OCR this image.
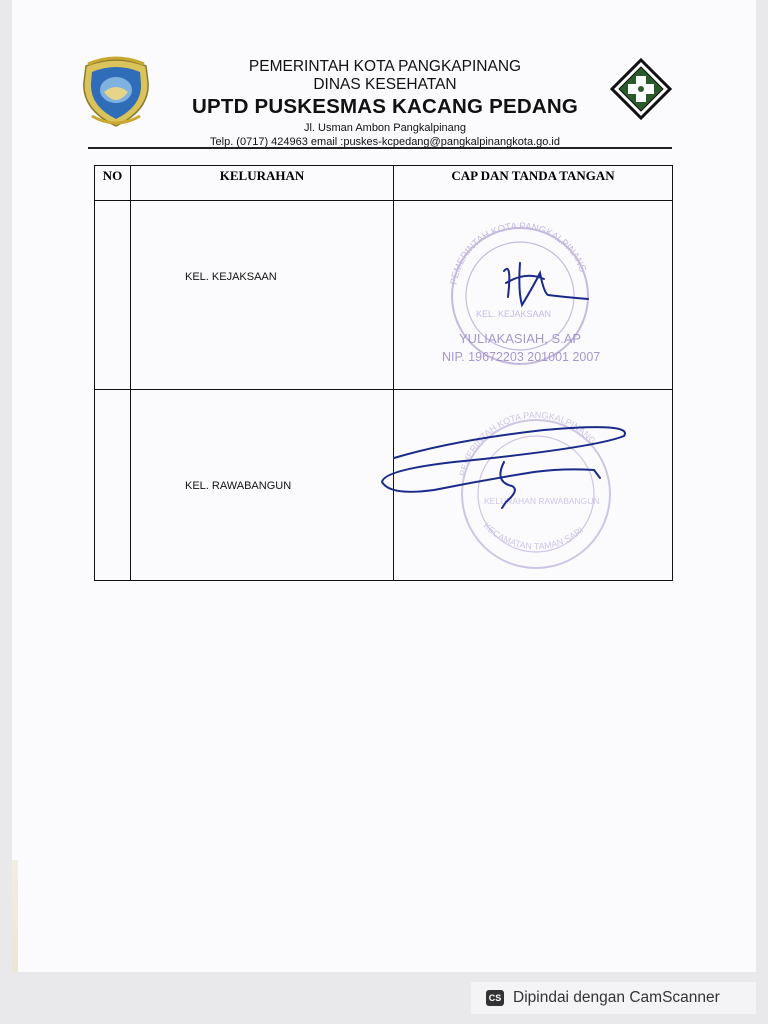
PEMERINTAH KOTA PANGKAPINANG
DINAS KESEHATAN
UPTD PUSKESMAS KACANG PEDANG
Jl. Usman Ambon Pangkalpinang
Telp. (0717) 424963 email :puskes-kcpedang@pangkalpinangkota.go.id
NO	KELURAHAN	CAP DAN TANDA TANGAN

	KEL. KEJAKSAAN	PEMERINTAH KOTA PANGKALPINANG
KEL. KEJAKSAAN
YULIAKASIAH, S.AP
NIP. 19672203 201001 2007

	KEL. RAWABANGUN	PEMERINTAH KOTA PANGKALPINANG
KECAMATAN TAMAN SARI
KELURAHAN RAWABANGUN
CS Dipindai dengan CamScanner
